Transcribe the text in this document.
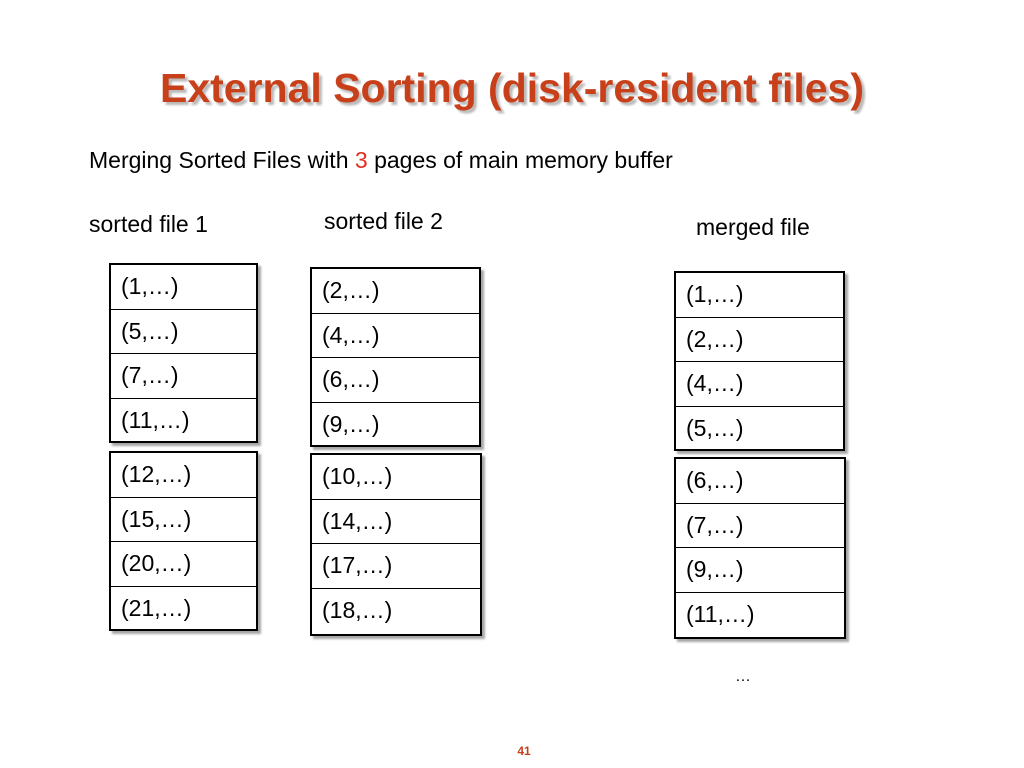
External Sorting (disk-resident files)
Merging Sorted Files with 3 pages of main memory buffer
sorted file 1	sorted file 2	merged file
(1,…)
(5,…)
(7,…)
(11,…)
(12,…)
(15,…)
(20,…)
(21,…)
(2,…)
(4,…)
(6,…)
(9,…)
(10,…)
(14,…)
(17,…)
(18,…)
(1,…)
(2,…)
(4,…)
(5,…)
(6,…)
(7,…)
(9,…)
(11,…)
…
41
